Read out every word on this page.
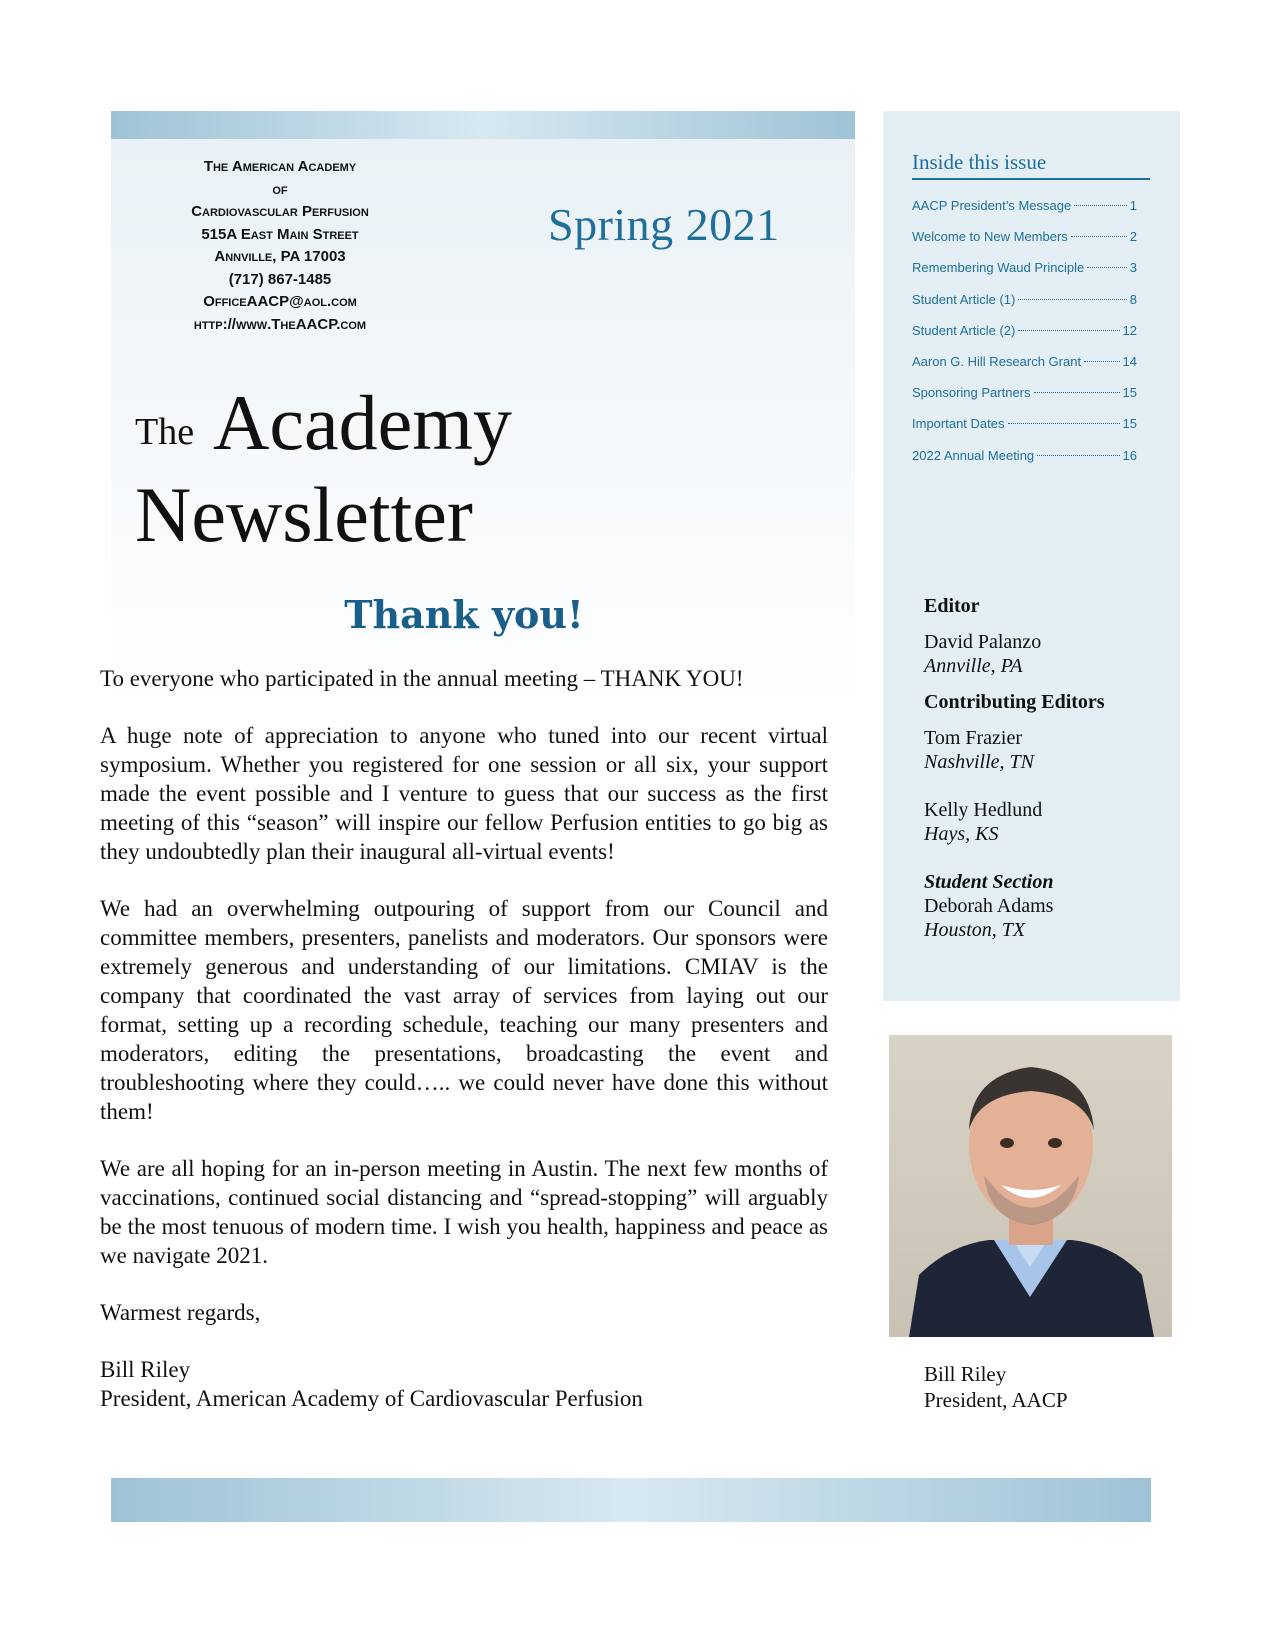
The American Academy
of
Cardiovascular Perfusion
515A East Main Street
Annville, PA 17003
(717) 867-1485
OfficeAACP@aol.com
http://www.TheAACP.com
Spring 2021
The Academy
Newsletter
Thank you!

To everyone who participated in the annual meeting – THANK YOU!

A huge note of appreciation to anyone who tuned into our recent virtual symposium. Whether you registered for one session or all six, your support made the event possible and I venture to guess that our success as the first meeting of this “season” will inspire our fellow Perfusion entities to go big as they undoubtedly plan their inaugural all-virtual events!

We had an overwhelming outpouring of support from our Council and committee members, presenters, panelists and moderators. Our sponsors were extremely generous and understanding of our limitations. CMIAV is the company that coordinated the vast array of services from laying out our format, setting up a recording schedule, teaching our many presenters and moderators, editing the presentations, broadcasting the event and troubleshooting where they could….. we could never have done this without them!

We are all hoping for an in-person meeting in Austin. The next few months of vaccinations, continued social distancing and “spread-stopping” will arguably be the most tenuous of modern time. I wish you health, happiness and peace as we navigate 2021.

Warmest regards,

Bill Riley
President, American Academy of Cardiovascular Perfusion
Inside this issue
AACP President’s Message	1
Welcome to New Members	2
Remembering Waud Principle	3
Student Article (1)	8
Student Article (2)	12
Aaron G. Hill Research Grant	14
Sponsoring Partners	15
Important Dates	15
2022 Annual Meeting	16
Editor
David Palanzo
Annville, PA
Contributing Editors
Tom Frazier
Nashville, TN
Kelly Hedlund
Hays, KS
Student Section
Deborah Adams
Houston, TX
Bill Riley
President, AACP
